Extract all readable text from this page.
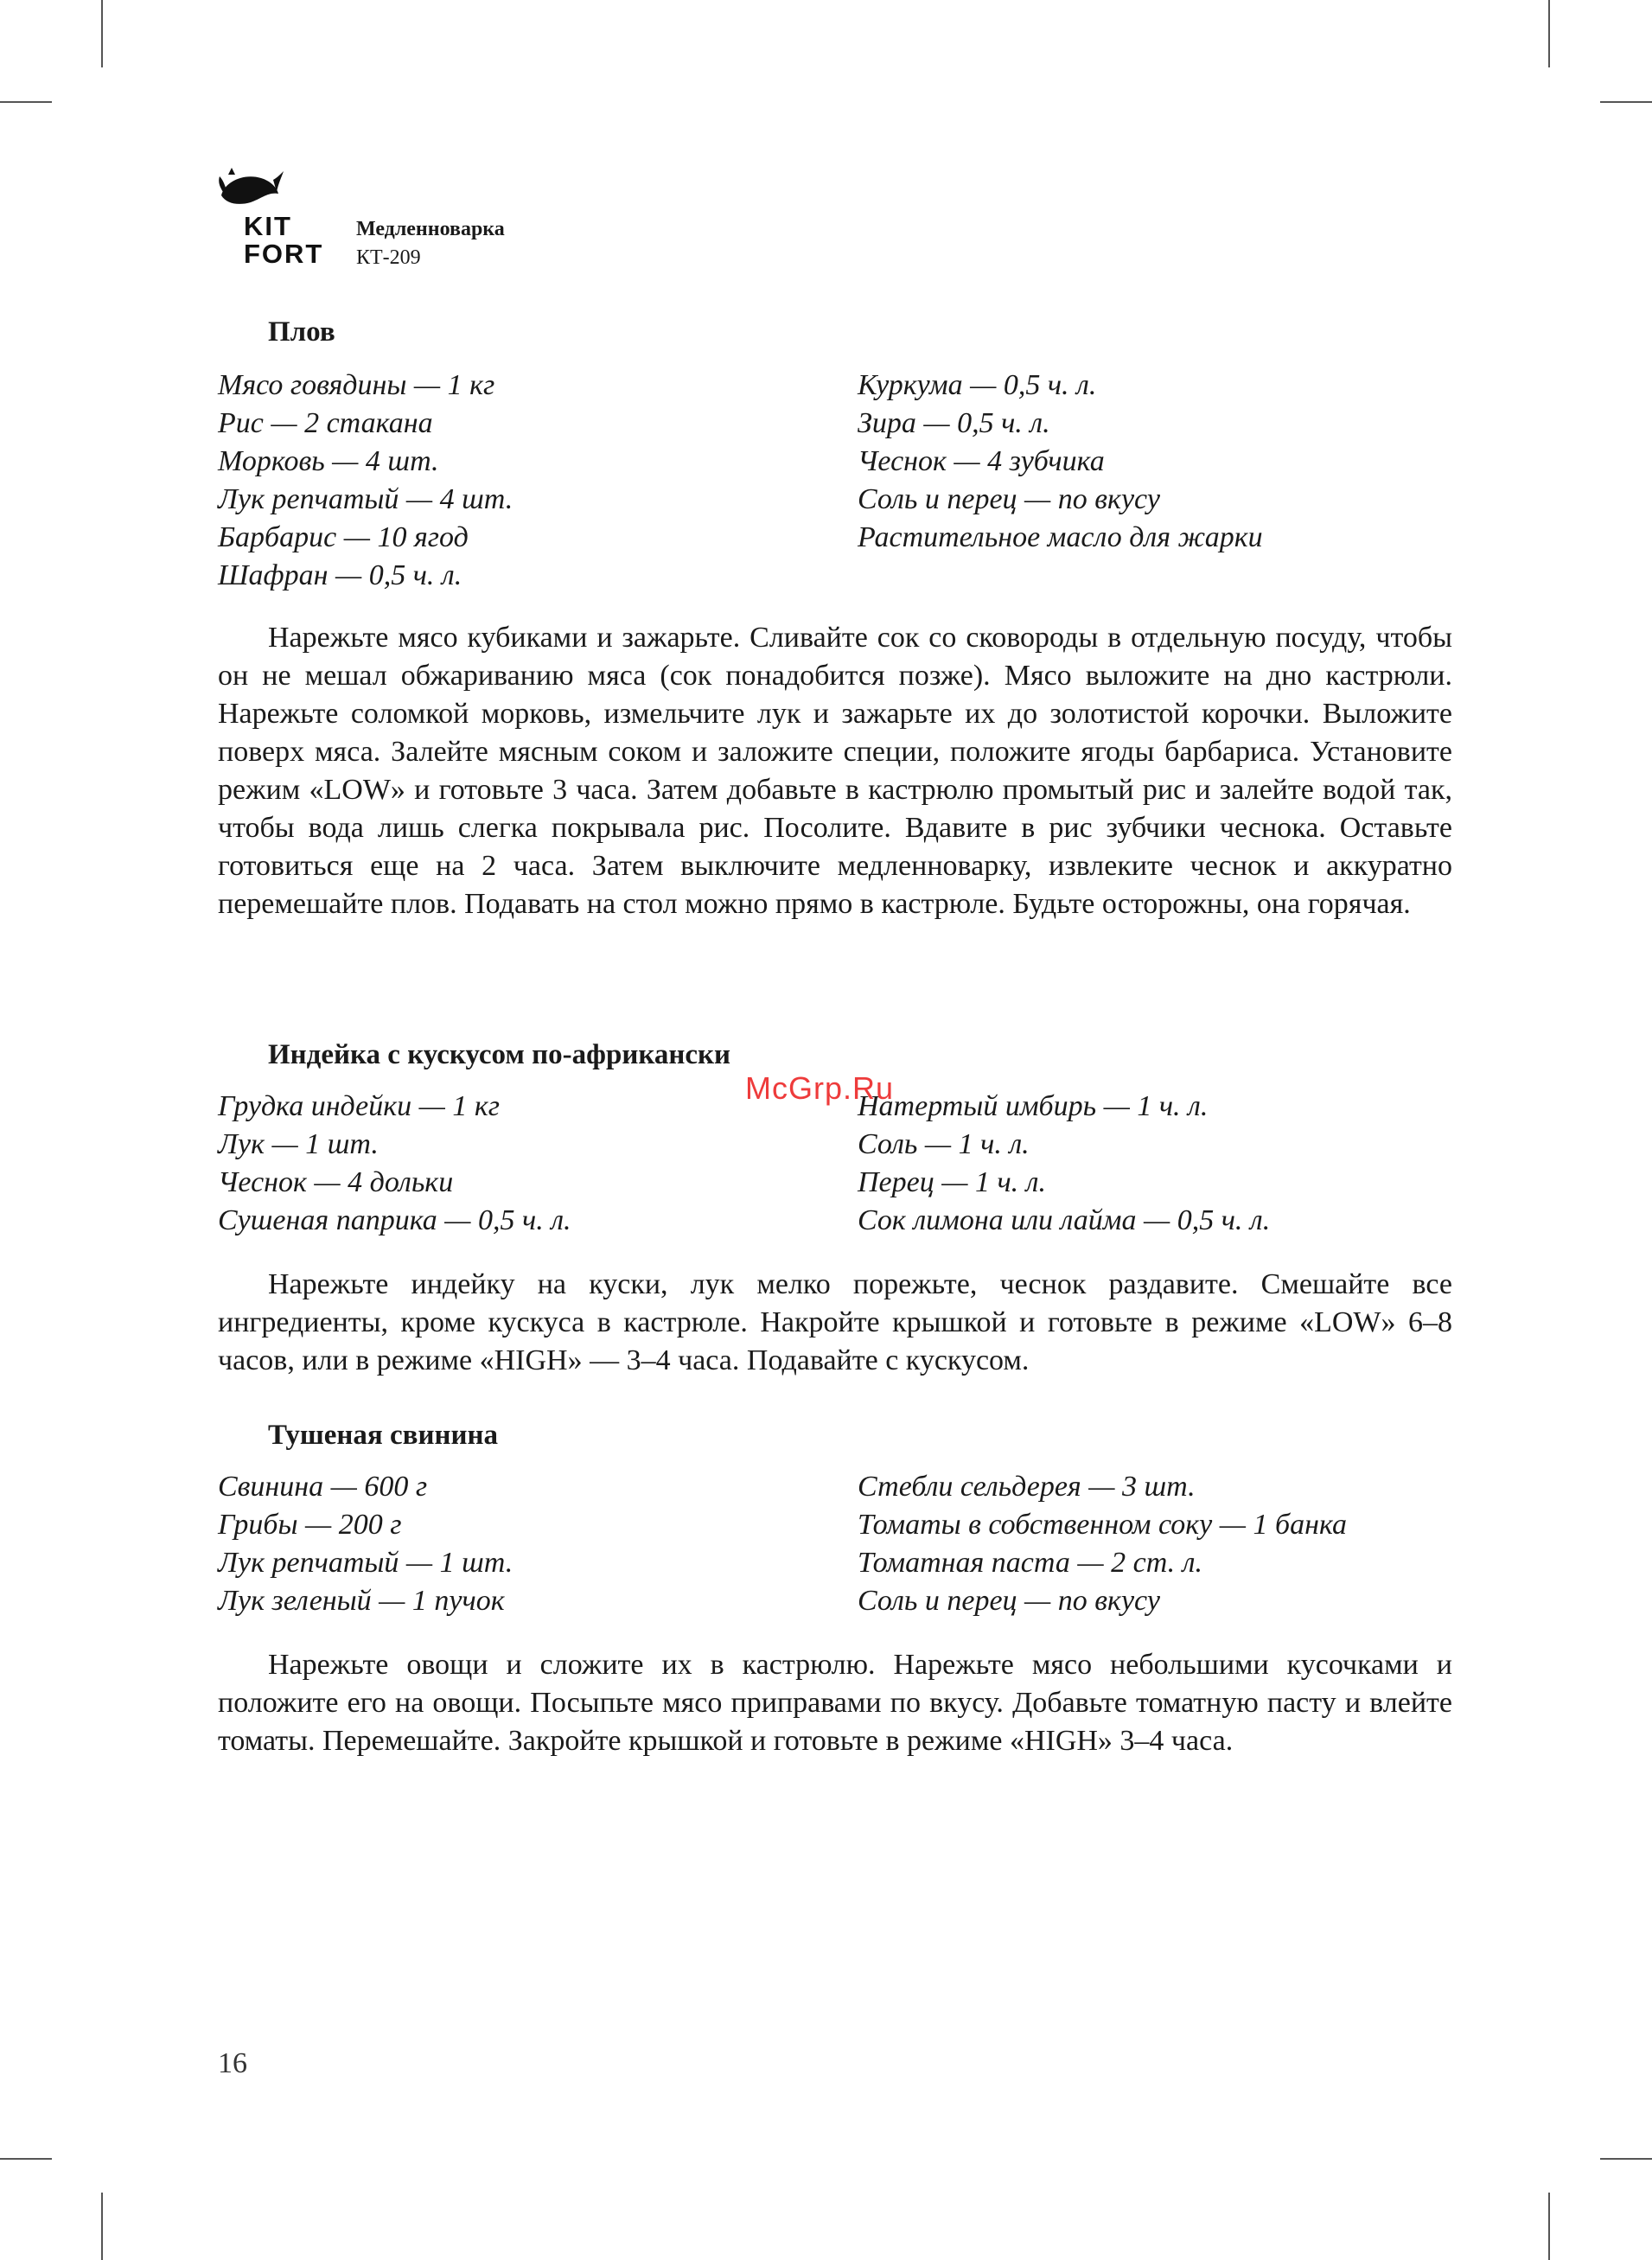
KIT
FORT
Медленноварка
КТ-209
Плов
Мясо говядины — 1 кг
Рис — 2 стакана
Морковь — 4 шт.
Лук репчатый — 4 шт.
Барбарис — 10 ягод
Шафран — 0,5 ч. л.
Куркума — 0,5 ч. л.
Зира — 0,5 ч. л.
Чеснок — 4 зубчика
Соль и перец — по вкусу
Растительное масло для жарки
Нарежьте мясо кубиками и зажарьте. Сливайте сок со сковороды в отдельную посуду, чтобы он не мешал обжариванию мяса (сок понадобится позже). Мясо выложите на дно кастрюли. Нарежьте соломкой морковь, измельчите лук и зажарьте их до золотистой корочки. Выложите поверх мяса. Залейте мясным соком и заложите специи, положите ягоды барбариса. Установите режим «LOW» и готовьте 3 часа. Затем добавьте в кастрюлю промытый рис и залейте водой так, чтобы вода лишь слегка покрывала рис. Посолите. Вдавите в рис зубчики чеснока. Оставьте готовиться еще на 2 часа. Затем выключите медленноварку, извлеките чеснок и аккуратно перемешайте плов. Подавать на стол можно прямо в кастрюле. Будьте осторожны, она горячая.
Индейка с кускусом по-африкански
Грудка индейки — 1 кг
Лук — 1 шт.
Чеснок — 4 дольки
Сушеная паприка — 0,5 ч. л.
Натертый имбирь — 1 ч. л.
Соль — 1 ч. л.
Перец — 1 ч. л.
Сок лимона или лайма — 0,5 ч. л.
Нарежьте индейку на куски, лук мелко порежьте, чеснок раздавите. Смешайте все ингредиенты, кроме кускуса в кастрюле. Накройте крышкой и готовьте в режиме «LOW» 6–8 часов, или в режиме «HIGH» — 3–4 часа. Подавайте с кускусом.
Тушеная свинина
Свинина — 600 г
Грибы — 200 г
Лук репчатый — 1 шт.
Лук зеленый — 1 пучок
Стебли сельдерея — 3 шт.
Томаты в собственном соку — 1 банка
Томатная паста — 2 ст. л.
Соль и перец — по вкусу
Нарежьте овощи и сложите их в кастрюлю. Нарежьте мясо небольшими кусочками и положите его на овощи. Посыпьте мясо приправами по вкусу. Добавьте томатную пасту и влейте томаты. Перемешайте. Закройте крышкой и готовьте в режиме «HIGH» 3–4 часа.
McGrp.Ru
16
